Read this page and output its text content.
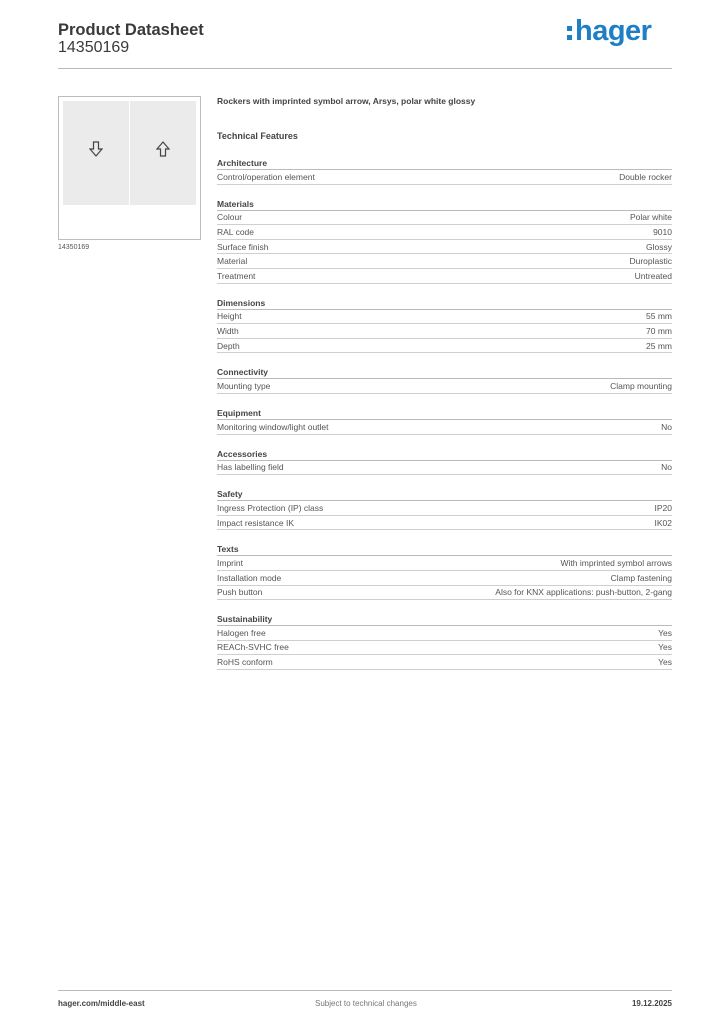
Product Datasheet
14350169
hager
14350169
Rockers with imprinted symbol arrow, Arsys, polar white glossy
Technical Features
Architecture
Control/operation element	Double rocker
Materials
Colour	Polar white
RAL code	9010
Surface finish	Glossy
Material	Duroplastic
Treatment	Untreated
Dimensions
Height	55 mm
Width	70 mm
Depth	25 mm
Connectivity
Mounting type	Clamp mounting
Equipment
Monitoring window/light outlet	No
Accessories
Has labelling field	No
Safety
Ingress Protection (IP) class	IP20
Impact resistance IK	IK02
Texts
Imprint	With imprinted symbol arrows
Installation mode	Clamp fastening
Push button	Also for KNX applications: push-button, 2-gang
Sustainability
Halogen free	Yes
REACh-SVHC free	Yes
RoHS conform	Yes
hager.com/middle-east	Subject to technical changes	19.12.2025
